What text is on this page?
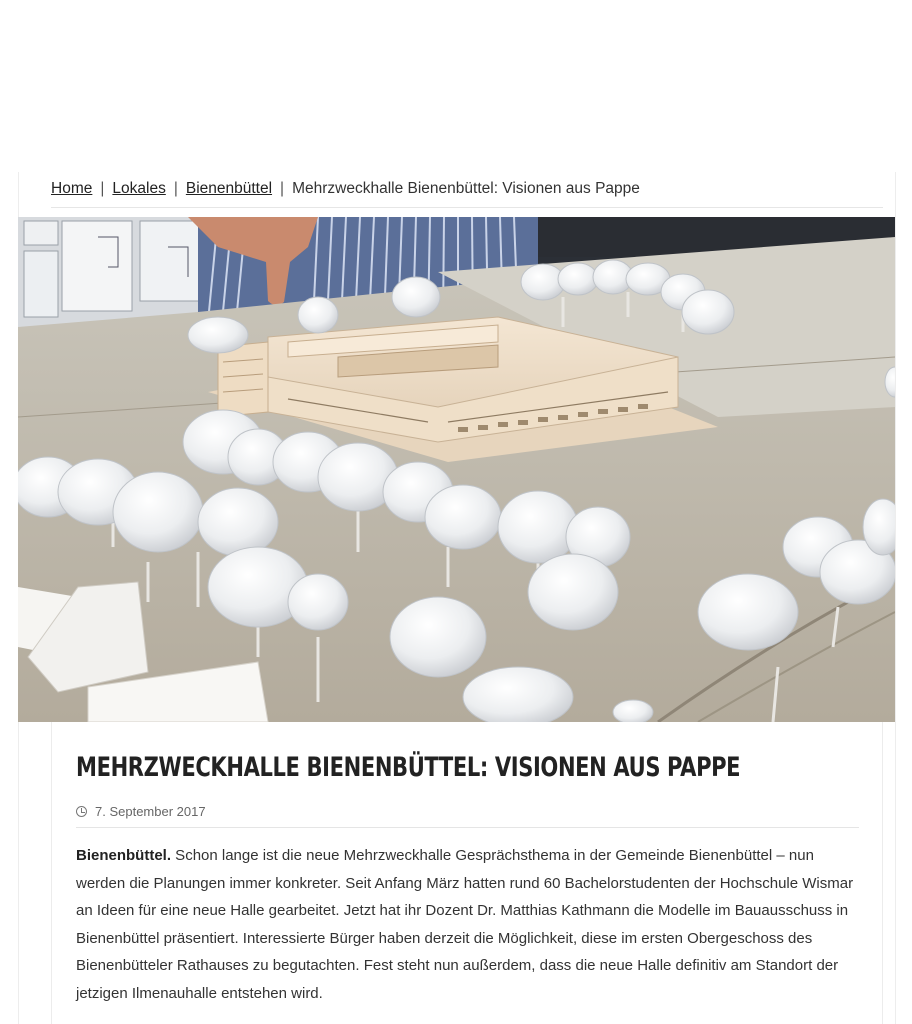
Home | Lokales | Bienenbüttel | Mehrzweckhalle Bienenbüttel: Visionen aus Pappe
MEHRZWECKHALLE BIENENBÜTTEL: VISIONEN AUS PAPPE
7. September 2017

Bienenbüttel. Schon lange ist die neue Mehrzweckhalle Gesprächsthema in der Gemeinde Bienenbüttel – nun werden die Planungen immer konkreter. Seit Anfang März hatten rund 60 Bachelorstudenten der Hochschule Wismar an Ideen für eine neue Halle gearbeitet. Jetzt hat ihr Dozent Dr. Matthias Kathmann die Modelle im Bauausschuss in Bienenbüttel präsentiert. Interessierte Bürger haben derzeit die Möglichkeit, diese im ersten Obergeschoss des Bienenbütteler Rathauses zu begutachten. Fest steht nun außerdem, dass die neue Halle definitiv am Standort der jetzigen Ilmenauhalle entstehen wird.
